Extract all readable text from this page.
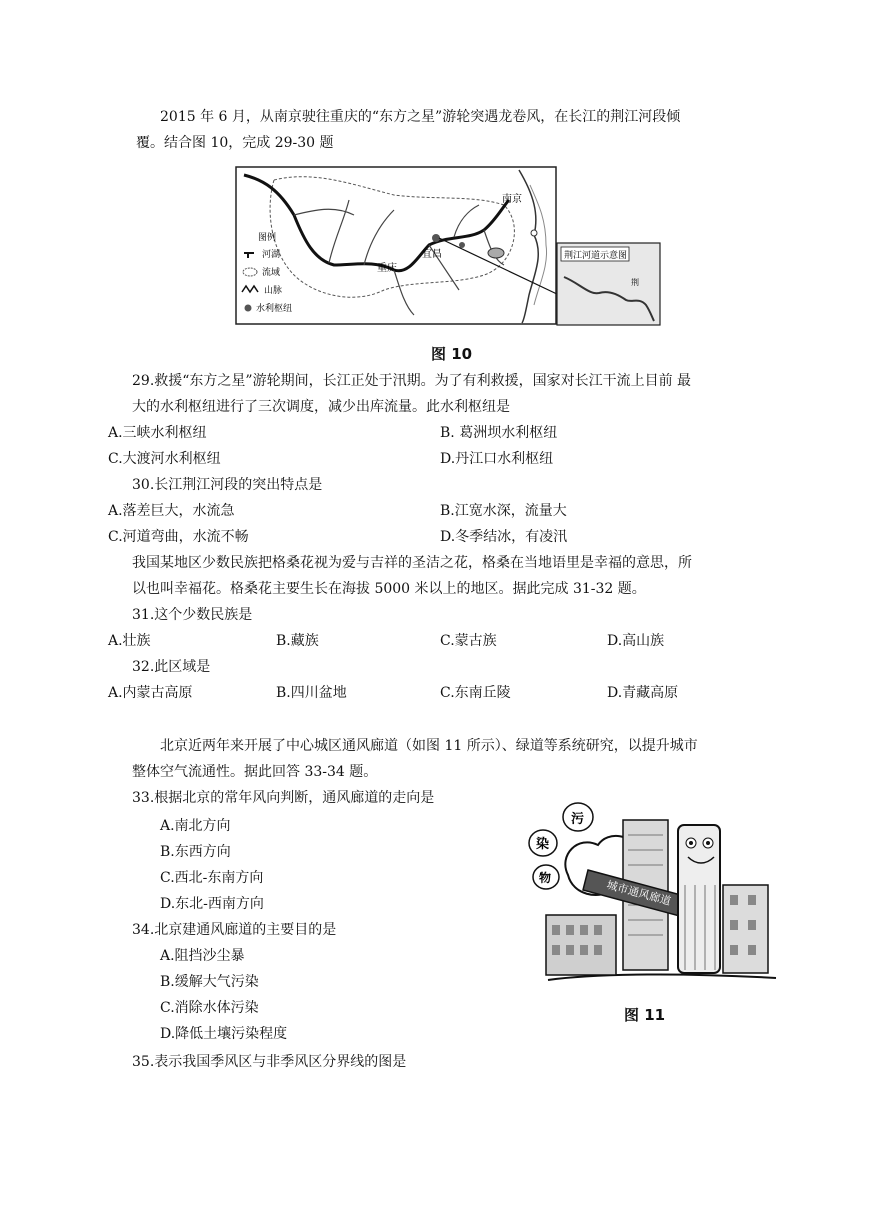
2015 年 6 月，从南京驶往重庆的“东方之星”游轮突遇龙卷风，在长江的荆江河段倾
覆。结合图 10，完成 29-30 题
南京
重庆
宜昌
图例
河湖
流域
山脉
水利枢纽
荆江河道示意图
荆
图 10
29.救援“东方之星”游轮期间，长江正处于汛期。为了有利救援，国家对长江干流上目前 最
大的水利枢纽进行了三次调度，减少出库流量。此水利枢纽是
A.三峡水利枢纽	B. 葛洲坝水利枢纽
C.大渡河水利枢纽	D.丹江口水利枢纽
30.长江荆江河段的突出特点是
A.落差巨大，水流急	B.江宽水深，流量大
C.河道弯曲，水流不畅	D.冬季结冰，有凌汛
我国某地区少数民族把格桑花视为爱与吉祥的圣洁之花，格桑在当地语里是幸福的意思，所
以也叫幸福花。格桑花主要生长在海拔 5000 米以上的地区。据此完成 31-32 题。
31.这个少数民族是
A.壮族	B.藏族	C.蒙古族	D.高山族
32.此区域是
A.内蒙古高原	B.四川盆地	C.东南丘陵	D.青藏高原
北京近两年来开展了中心城区通风廊道（如图 11 所示）、绿道等系统研究，以提升城市
整体空气流通性。据此回答 33-34 题。
33.根据北京的常年风向判断，通风廊道的走向是
A.南北方向
B.东西方向
C.西北-东南方向
D.东北-西南方向
34.北京建通风廊道的主要目的是
A.阻挡沙尘暴
B.缓解大气污染
C.消除水体污染
D.降低土壤污染程度
污
染
物
城市通风廊道
图 11
35.表示我国季风区与非季风区分界线的图是
